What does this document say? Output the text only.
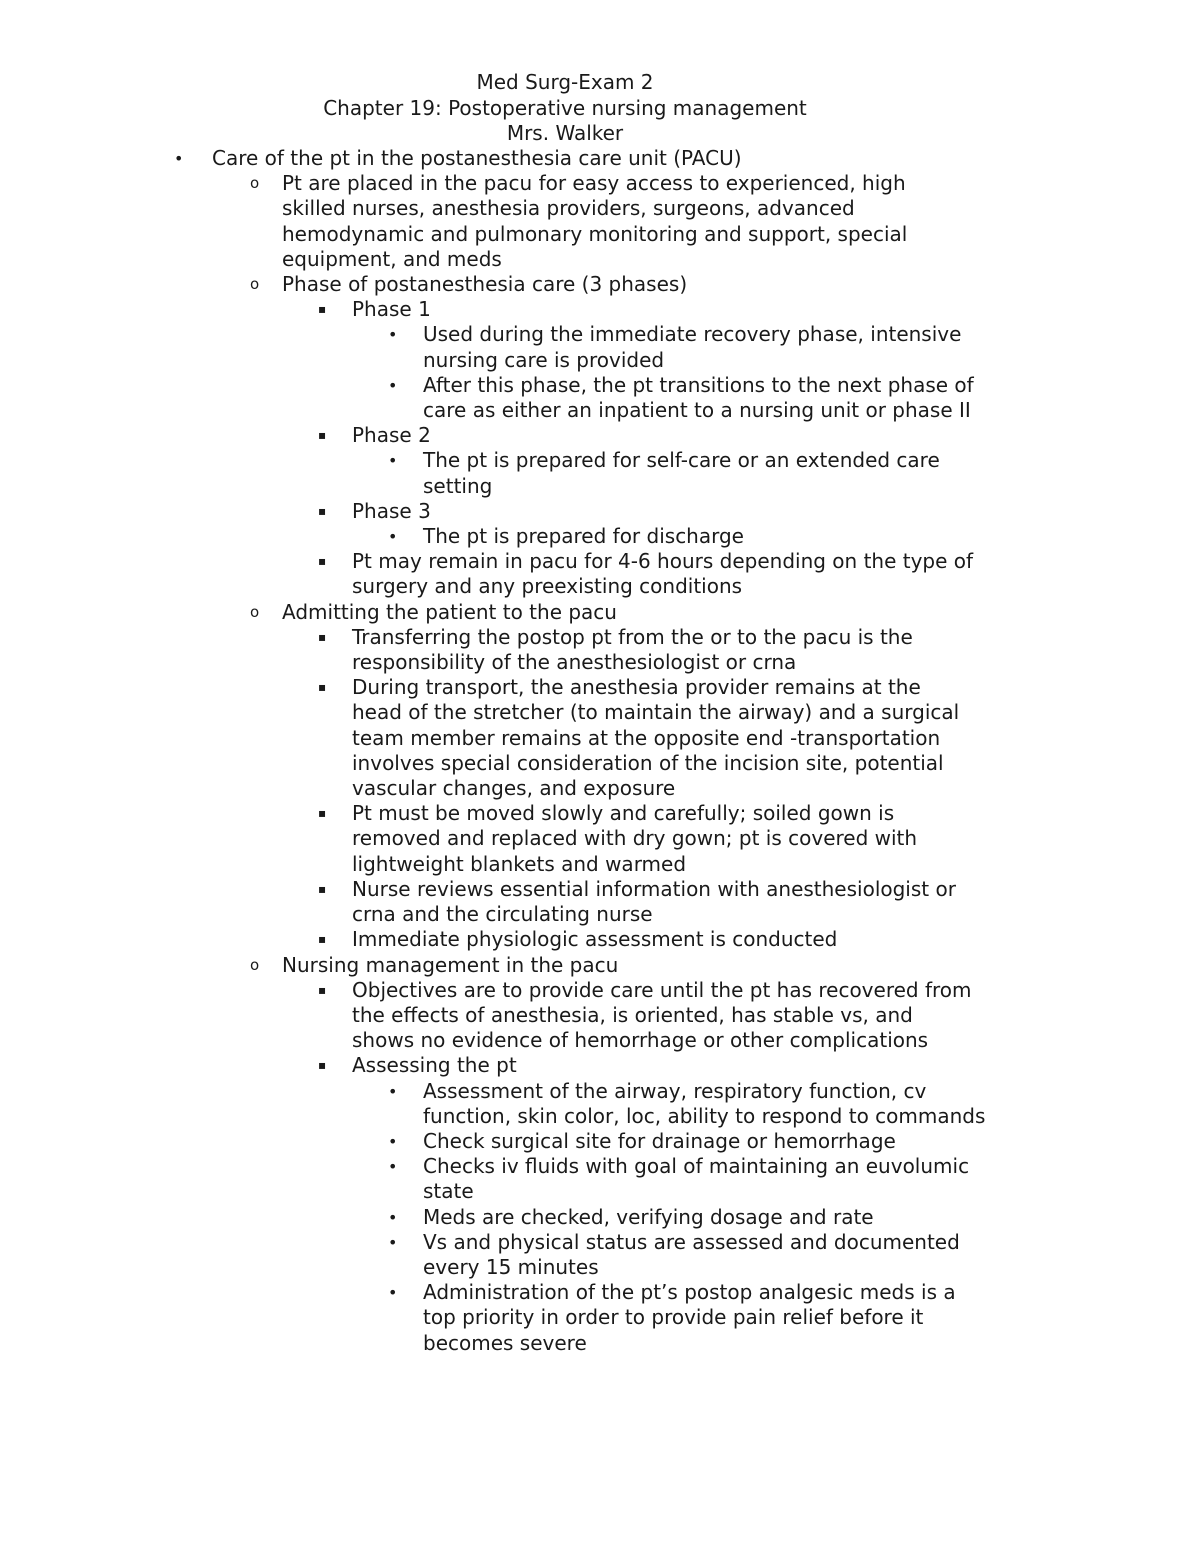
Med Surg-Exam 2
Chapter 19: Postoperative nursing management
Mrs. Walker
• Care of the pt in the postanesthesia care unit (PACU)
o Pt are placed in the pacu for easy access to experienced, high skilled nurses, anesthesia providers, surgeons, advanced hemodynamic and pulmonary monitoring and support, special equipment, and meds
o Phase of postanesthesia care (3 phases)
▪ Phase 1
• Used during the immediate recovery phase, intensive nursing care is provided
• After this phase, the pt transitions to the next phase of care as either an inpatient to a nursing unit or phase II
▪ Phase 2
• The pt is prepared for self-care or an extended care setting
▪ Phase 3
• The pt is prepared for discharge
▪ Pt may remain in pacu for 4-6 hours depending on the type of surgery and any preexisting conditions
o Admitting the patient to the pacu
▪ Transferring the postop pt from the or to the pacu is the responsibility of the anesthesiologist or crna
▪ During transport, the anesthesia provider remains at the head of the stretcher (to maintain the airway) and a surgical team member remains at the opposite end -transportation involves special consideration of the incision site, potential vascular changes, and exposure
▪ Pt must be moved slowly and carefully; soiled gown is removed and replaced with dry gown; pt is covered with lightweight blankets and warmed
▪ Nurse reviews essential information with anesthesiologist or crna and the circulating nurse
▪ Immediate physiologic assessment is conducted
o Nursing management in the pacu
▪ Objectives are to provide care until the pt has recovered from the effects of anesthesia, is oriented, has stable vs, and shows no evidence of hemorrhage or other complications
▪ Assessing the pt
• Assessment of the airway, respiratory function, cv function, skin color, loc, ability to respond to commands
• Check surgical site for drainage or hemorrhage
• Checks iv fluids with goal of maintaining an euvolumic state
• Meds are checked, verifying dosage and rate
• Vs and physical status are assessed and documented every 15 minutes
• Administration of the pt’s postop analgesic meds is a top priority in order to provide pain relief before it becomes severe
